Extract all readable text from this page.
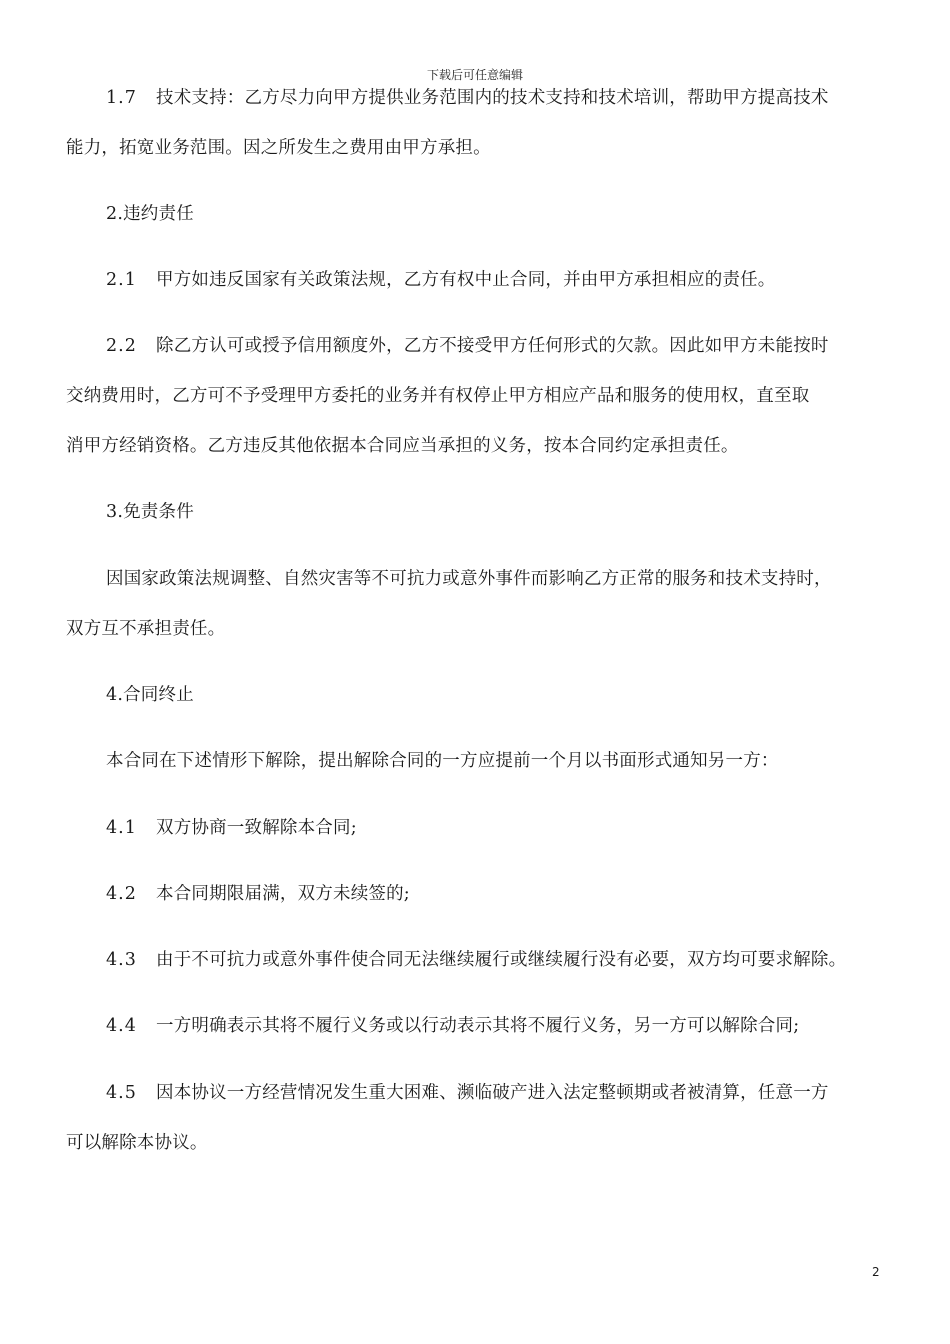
下载后可任意编辑
1.7 技术支持：乙方尽力向甲方提供业务范围内的技术支持和技术培训，帮助甲方提高技术
能力，拓宽业务范围。因之所发生之费用由甲方承担。
2.违约责任
2.1 甲方如违反国家有关政策法规，乙方有权中止合同，并由甲方承担相应的责任。
2.2 除乙方认可或授予信用额度外，乙方不接受甲方任何形式的欠款。因此如甲方未能按时
交纳费用时，乙方可不予受理甲方委托的业务并有权停止甲方相应产品和服务的使用权，直至取
消甲方经销资格。乙方违反其他依据本合同应当承担的义务，按本合同约定承担责任。
3.免责条件
因国家政策法规调整、自然灾害等不可抗力或意外事件而影响乙方正常的服务和技术支持时，
双方互不承担责任。
4.合同终止
本合同在下述情形下解除，提出解除合同的一方应提前一个月以书面形式通知另一方：
4.1 双方协商一致解除本合同;
4.2 本合同期限届满，双方未续签的;
4.3 由于不可抗力或意外事件使合同无法继续履行或继续履行没有必要，双方均可要求解除。
4.4 一方明确表示其将不履行义务或以行动表示其将不履行义务，另一方可以解除合同;
4.5 因本协议一方经营情况发生重大困难、濒临破产进入法定整顿期或者被清算，任意一方
可以解除本协议。
2
